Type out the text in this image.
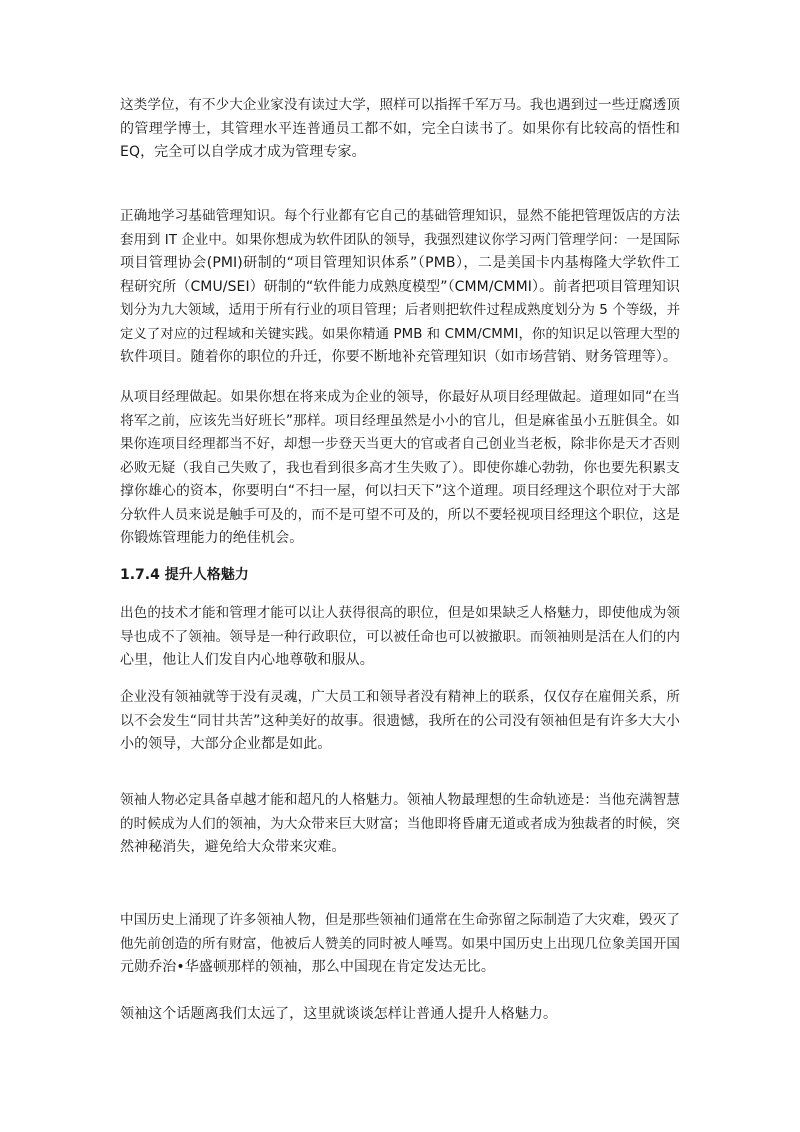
这类学位，有不少大企业家没有读过大学，照样可以指挥千军万马。我也遇到过一些迂腐透顶
的管理学博士，其管理水平连普通员工都不如，完全白读书了。如果你有比较高的悟性和
EQ，完全可以自学成才成为管理专家。

正确地学习基础管理知识。每个行业都有它自己的基础管理知识，显然不能把管理饭店的方法
套用到 IT 企业中。如果你想成为软件团队的领导，我强烈建议你学习两门管理学问：一是国际
项目管理协会(PMI)研制的“项目管理知识体系”（PMB），二是美国卡内基梅隆大学软件工
程研究所（CMU/SEI）研制的“软件能力成熟度模型”（CMM/CMMI）。前者把项目管理知识
划分为九大领域，适用于所有行业的项目管理；后者则把软件过程成熟度划分为 5 个等级，并
定义了对应的过程域和关键实践。如果你精通 PMB 和 CMM/CMMI，你的知识足以管理大型的
软件项目。随着你的职位的升迁，你要不断地补充管理知识（如市场营销、财务管理等）。

从项目经理做起。如果你想在将来成为企业的领导，你最好从项目经理做起。道理如同“在当
将军之前，应该先当好班长”那样。项目经理虽然是小小的官儿，但是麻雀虽小五脏俱全。如
果你连项目经理都当不好，却想一步登天当更大的官或者自己创业当老板，除非你是天才否则
必败无疑（我自己失败了，我也看到很多高才生失败了）。即使你雄心勃勃，你也要先积累支
撑你雄心的资本，你要明白“不扫一屋，何以扫天下”这个道理。项目经理这个职位对于大部
分软件人员来说是触手可及的，而不是可望不可及的，所以不要轻视项目经理这个职位，这是
你锻炼管理能力的绝佳机会。

1.7.4 提升人格魅力

出色的技术才能和管理才能可以让人获得很高的职位，但是如果缺乏人格魅力，即使他成为领
导也成不了领袖。领导是一种行政职位，可以被任命也可以被撤职。而领袖则是活在人们的内
心里，他让人们发自内心地尊敬和服从。

企业没有领袖就等于没有灵魂，广大员工和领导者没有精神上的联系，仅仅存在雇佣关系，所
以不会发生“同甘共苦”这种美好的故事。很遗憾，我所在的公司没有领袖但是有许多大大小
小的领导，大部分企业都是如此。

领袖人物必定具备卓越才能和超凡的人格魅力。领袖人物最理想的生命轨迹是：当他充满智慧
的时候成为人们的领袖，为大众带来巨大财富；当他即将昏庸无道或者成为独裁者的时候，突
然神秘消失，避免给大众带来灾难。

中国历史上涌现了许多领袖人物，但是那些领袖们通常在生命弥留之际制造了大灾难，毁灭了
他先前创造的所有财富，他被后人赞美的同时被人唾骂。如果中国历史上出现几位象美国开国
元勋乔治•华盛顿那样的领袖，那么中国现在肯定发达无比。

领袖这个话题离我们太远了，这里就谈谈怎样让普通人提升人格魅力。
